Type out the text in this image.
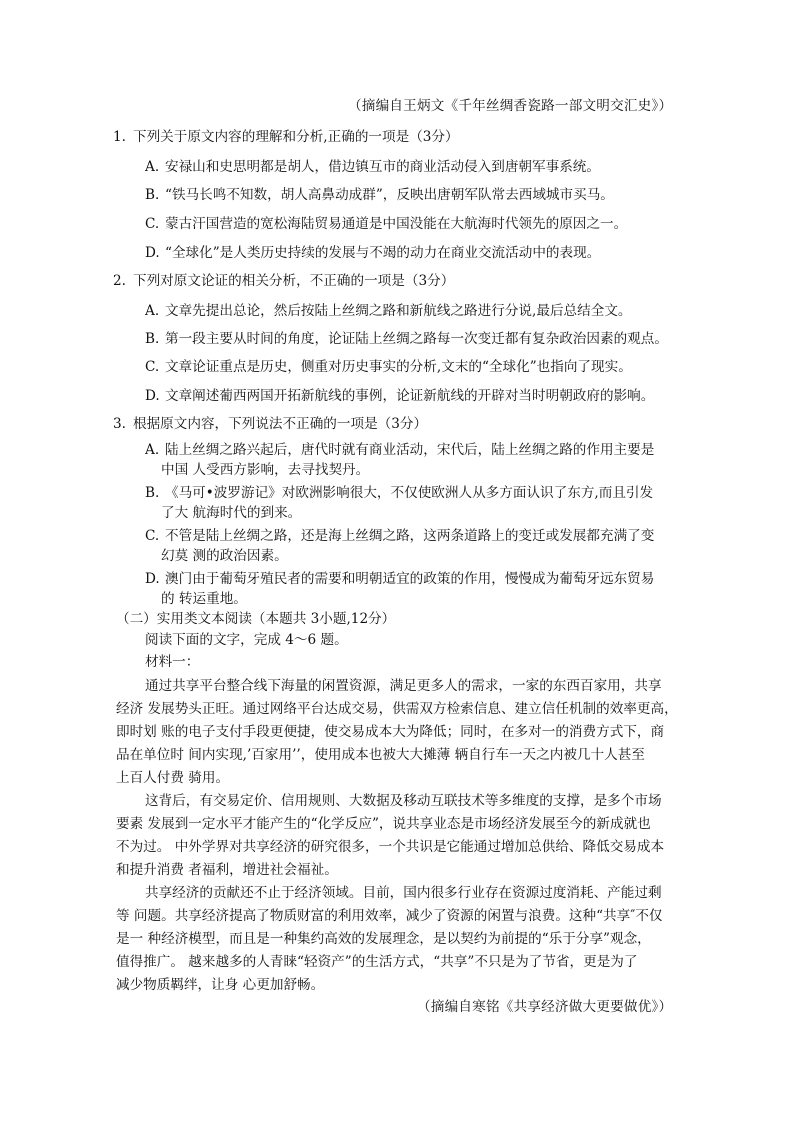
（摘编自王炳文《千年丝绸香瓷路一部文明交汇史》）
1. 下列关于原文内容的理解和分析,正确的一项是（3分）
A. 安禄山和史思明都是胡人，借边镇互市的商业活动侵入到唐朝军事系统。
B. “铁马长鸣不知数，胡人高鼻动成群”，反映出唐朝军队常去西域城市买马。
C. 蒙古汗国营造的宽松海陆贸易通道是中国没能在大航海时代领先的原因之一。
D. “全球化”是人类历史持续的发展与不竭的动力在商业交流活动中的表现。
2. 下列对原文论证的相关分析，不正确的一项是（3分）
A. 文章先提出总论，然后按陆上丝绸之路和新航线之路进行分说,最后总结全文。
B. 第一段主要从时间的角度，论证陆上丝绸之路每一次变迁都有复杂政治因素的观点。
C. 文章论证重点是历史，侧重对历史事实的分析,文末的“全球化”也指向了现实。
D. 文章阐述葡西两国开拓新航线的事例，论证新航线的开辟对当时明朝政府的影响。
3. 根据原文内容，下列说法不正确的一项是（3分）
A. 陆上丝绸之路兴起后，唐代时就有商业活动，宋代后，陆上丝绸之路的作用主要是
中国 人受西方影响，去寻找契丹。
B. 《马可•波罗游记》对欧洲影响很大，不仅使欧洲人从多方面认识了东方,而且引发
了大 航海时代的到来。
C. 不管是陆上丝绸之路，还是海上丝绸之路，这两条道路上的变迁或发展都充满了变
幻莫 测的政治因素。
D. 澳门由于葡萄牙殖民者的需要和明朝适宜的政策的作用，慢慢成为葡萄牙远东贸易
的 转运重地。
（二）实用类文本阅读（本题共 3小题,12分）
阅读下面的文字，完成 4～6 题。
材料一：
通过共享平台整合线下海量的闲置资源，满足更多人的需求，一家的东西百家用，共享
经济 发展势头正旺。通过网络平台达成交易，供需双方检索信息、建立信任机制的效率更高，
即时划 账的电子支付手段更便捷，使交易成本大为降低；同时，在多对一的消费方式下，商
品在单位时 间内实现,’百家用’’，使用成本也被大大摊薄 辆自行车一天之内被几十人甚至
上百人付费 骑用。
这背后，有交易定价、信用规则、大数据及移动互联技术等多维度的支撑，是多个市场
要素 发展到一定水平才能产生的“化学反应”，说共享业态是市场经济发展至今的新成就也
不为过。 中外学界对共享经济的研究很多，一个共识是它能通过增加总供给、降低交易成本
和提升消费 者福利，增进社会福祉。
共享经济的贡献还不止于经济领域。目前，国内很多行业存在资源过度消耗、产能过剩
等 问题。共享经济提高了物质财富的利用效率，减少了资源的闲置与浪费。这种“共享″不仅
是一 种经济模型，而且是一种集约高效的发展理念，是以契约为前提的“乐于分享”观念，
值得推广。 越来越多的人青睐“轻资产”的生活方式，“共享”不只是为了节省，更是为了
减少物质羁绊，让身 心更加舒畅。
（摘编自寒铭《共享经济做大更要做优》）
